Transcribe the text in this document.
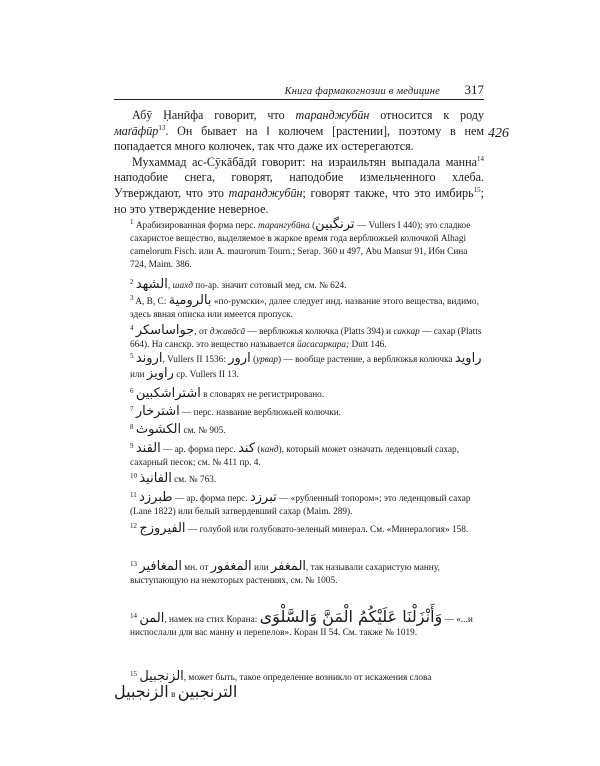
Книга фармакогнозии в медицине	317
426

Абӯ Ḥанӣфа говорит, что таранджубӣн относится к роду маґāфӣр$^{13}$. Он бывает на ‖ колючем [растении], поэтому в нем попадается много колючек, так что даже их остерегаются.

Мухаммад ас-Сӯкāбāдӣ говорит: на израильтян выпадала манна$^{14}$ наподобие снега, говорят, наподобие измельченного хлеба. Утверждают, что это таранджубӣн; говорят также, что это имбирь$^{15}$; но это утверждение неверное.

$^1$ Арабизированная форма перс. тарангубӣна (ترنگبین — Vullers I 440); это сладкое сахаристое вещество, выделяемое в жаркое время года верблюжьей колючкой Alhagi camelorum Fisch. или A. maurorum Tourn.; Serap. 360 и 497, Abu Mansur 91, Ибн Сина 724, Maim. 386.
$^2$ الشهد, шахд по-ар. значит сотовый мед, см. № 624.
$^3$ A, B, C: بالرومية «по-румски», далее следует инд. название этого вещества, видимо, здесь явная описка или имеется пропуск.
$^4$ جواساسكر, от джавāсā — верблюжья колючка (Platts 394) и саккар — сахар (Platts 664). На санскр. это вещество называется йасасаркара; Dutt 146.
$^5$ اروند, Vullers II 1536: ارور (урвар) — вообще растение, а верблюжья колючка راويد или راويز ср. Vullers II 13.
$^6$ اشتراشكبين в словарях не регистрировано.
$^7$ اشترخار — перс. название верблюжьей колючки.
$^8$ الكشوث см. № 905.
$^9$ القند — ар. форма перс. كند (канд), который может означать леденцовый сахар, сахарный песок; см. № 411 пр. 4.
$^{10}$ الفانيذ см. № 763.
$^{11}$ طبرزد — ар. форма перс. تبرزد — «рубленный топором»; это леденцовый сахар (Lane 1822) или белый затвердевший сахар (Maim. 289).
$^{12}$ الفيروزج — голубой или голубовато-зеленый минерал. См. «Минералогия» 158.
$^{13}$ المغافير мн. от المغفور или المغفر, так называли сахаристую манну, выступающую на некоторых растениях, см. № 1005.
$^{14}$ المن, намек на стих Корана: وَأَنْزَلْنَا عَلَيْكُمُ الْمَنَّ وَالسَّلْوَى — «...и ниспослали для вас манну и перепелов». Коран II 54. См. также № 1019.
$^{15}$ الزنجبيل, может быть, такое определение возникло от искажения слова
الزنجبيل в الترنجبين
